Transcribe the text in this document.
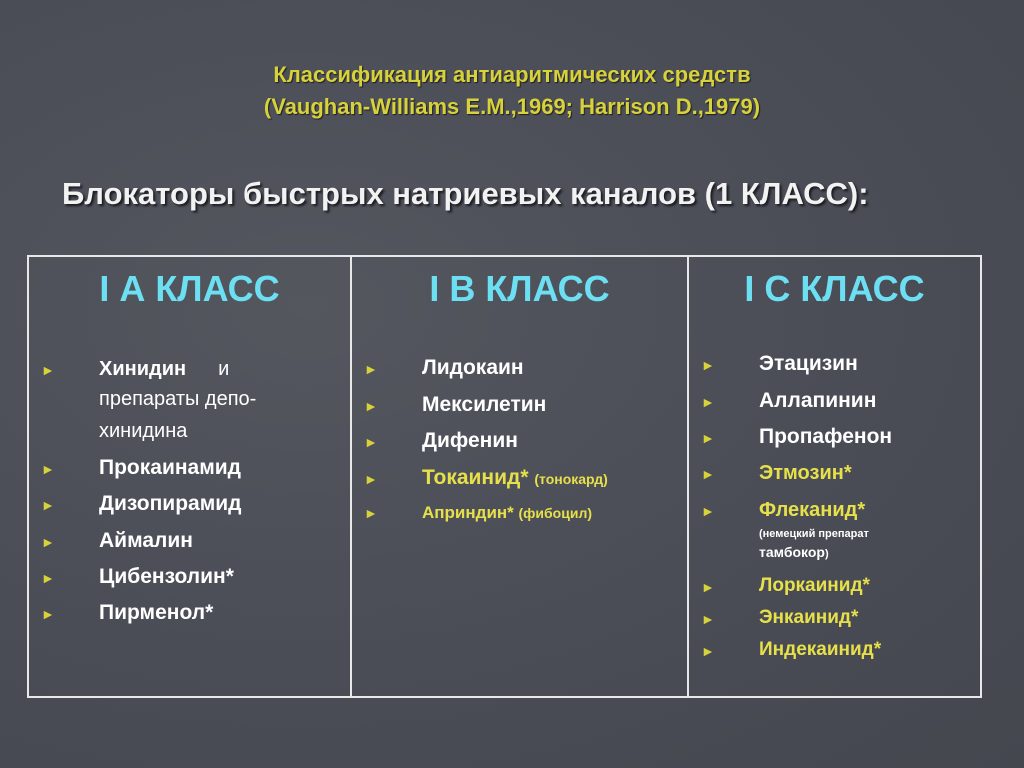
Классификация антиаритмических средств
(Vaughan-Williams E.M.,1969; Harrison D.,1979)
Блокаторы быстрых натриевых каналов (1 КЛАСС):
I А КЛАСС
► Хинидин и
препараты депо-
хинидина
► Прокаинамид
► Дизопирамид
► Аймалин
► Цибензолин*
► Пирменол*
I В КЛАСС
► Лидокаин
► Мексилетин
► Дифенин
► Токаинид* (тонокард)
►	Априндин* (фибоцил)
I С КЛАСС
► Этацизин
► Аллапинин
► Пропафенон
► Этмозин*
► Флеканид*
(немецкий препарат
тамбокор)
► Лоркаинид*
► Энкаинид*
► Индекаинид*
